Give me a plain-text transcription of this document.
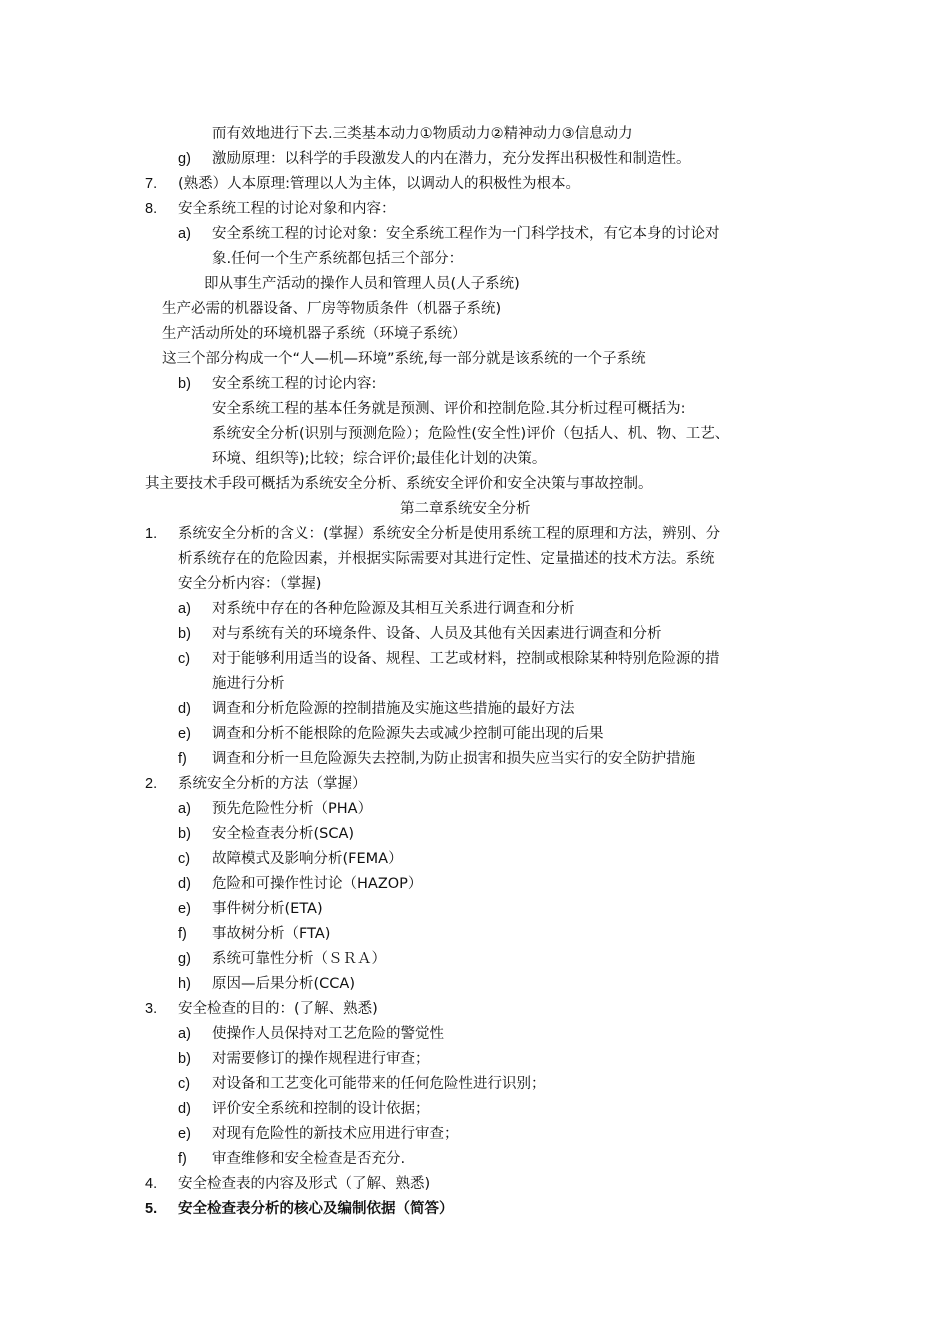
而有效地进行下去.三类基本动力①物质动力②精神动力③信息动力
g) 激励原理：以科学的手段激发人的内在潜力，充分发挥出积极性和制造性。
7. (熟悉）人本原理:管理以人为主体，以调动人的积极性为根本。
8. 安全系统工程的讨论对象和内容：
a) 安全系统工程的讨论对象：安全系统工程作为一门科学技术，有它本身的讨论对
象.任何一个生产系统都包括三个部分：
即从事生产活动的操作人员和管理人员(人子系统)
生产必需的机器设备、厂房等物质条件（机器子系统)
生产活动所处的环境机器子系统（环境子系统）
这三个部分构成一个“人—机—环境”系统,每一部分就是该系统的一个子系统
b) 安全系统工程的讨论内容:
安全系统工程的基本任务就是预测、评价和控制危险.其分析过程可概括为:
系统安全分析(识别与预测危险）；危险性(安全性)评价（包括人、机、物、工艺、
环境、组织等);比较；综合评价;最佳化计划的决策。
其主要技术手段可概括为系统安全分析、系统安全评价和安全决策与事故控制。
第二章系统安全分析
1. 系统安全分析的含义：(掌握）系统安全分析是使用系统工程的原理和方法，辨别、分
析系统存在的危险因素，并根据实际需要对其进行定性、定量描述的技术方法。系统
安全分析内容：（掌握)
a) 对系统中存在的各种危险源及其相互关系进行调查和分析
b) 对与系统有关的环境条件、设备、人员及其他有关因素进行调查和分析
c) 对于能够利用适当的设备、规程、工艺或材料，控制或根除某种特别危险源的措
施进行分析
d) 调查和分析危险源的控制措施及实施这些措施的最好方法
e) 调查和分析不能根除的危险源失去或减少控制可能出现的后果
f) 调查和分析一旦危险源失去控制,为防止损害和损失应当实行的安全防护措施
2. 系统安全分析的方法（掌握）
a) 预先危险性分析（PHA）
b) 安全检查表分析(SCA)
c) 故障模式及影响分析(FEMA）
d) 危险和可操作性讨论（HAZOP）
e) 事件树分析(ETA)
f) 事故树分析（FTA)
g) 系统可靠性分析（ＳＲＡ）
h) 原因—后果分析(CCA)
3. 安全检查的目的：(了解、熟悉)
a) 使操作人员保持对工艺危险的警觉性
b) 对需要修订的操作规程进行审查；
c) 对设备和工艺变化可能带来的任何危险性进行识别；
d) 评价安全系统和控制的设计依据；
e) 对现有危险性的新技术应用进行审查；
f) 审查维修和安全检查是否充分.
4. 安全检查表的内容及形式（了解、熟悉)
5. 安全检查表分析的核心及编制依据（简答）
